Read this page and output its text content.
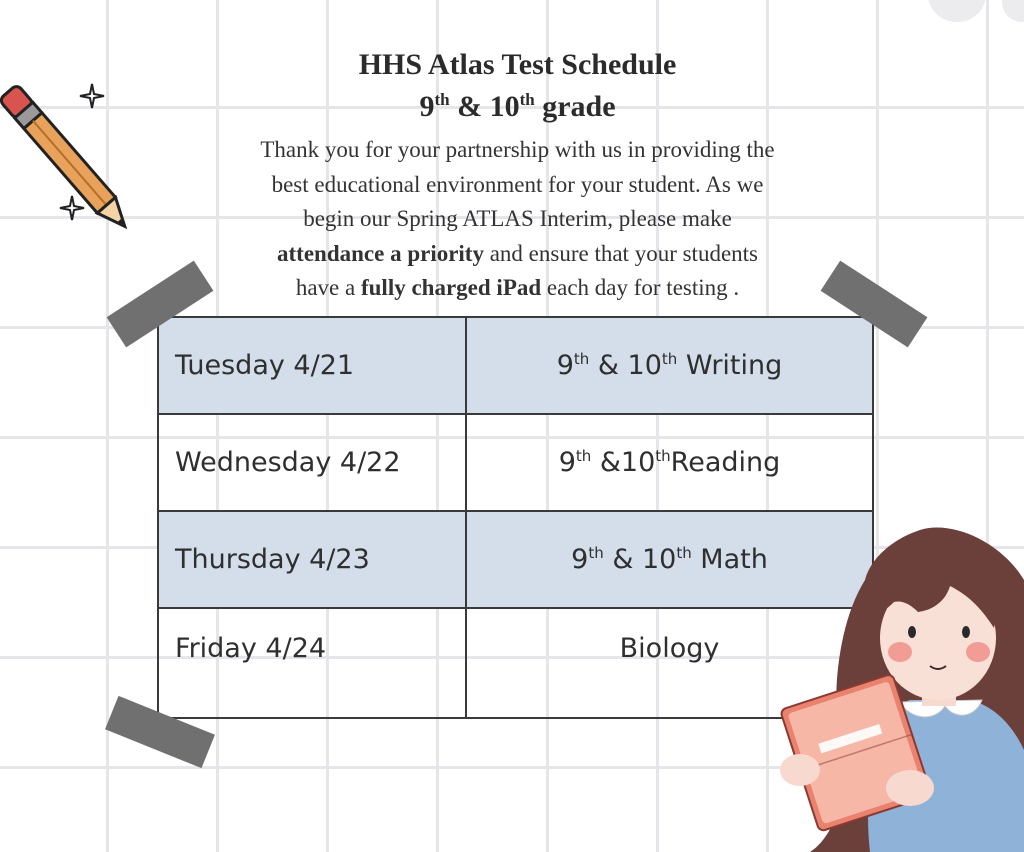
HHS Atlas Test Schedule
9th & 10th grade
Thank you for your partnership with us in providing the
best educational environment for your student. As we
begin our Spring ATLAS Interim, please make
attendance a priority and ensure that your students
have a fully charged iPad each day for testing .
Tuesday 4/21	9th & 10th Writing
Wednesday 4/22	9th &10thReading
Thursday 4/23	9th & 10th Math
Friday 4/24	Biology
